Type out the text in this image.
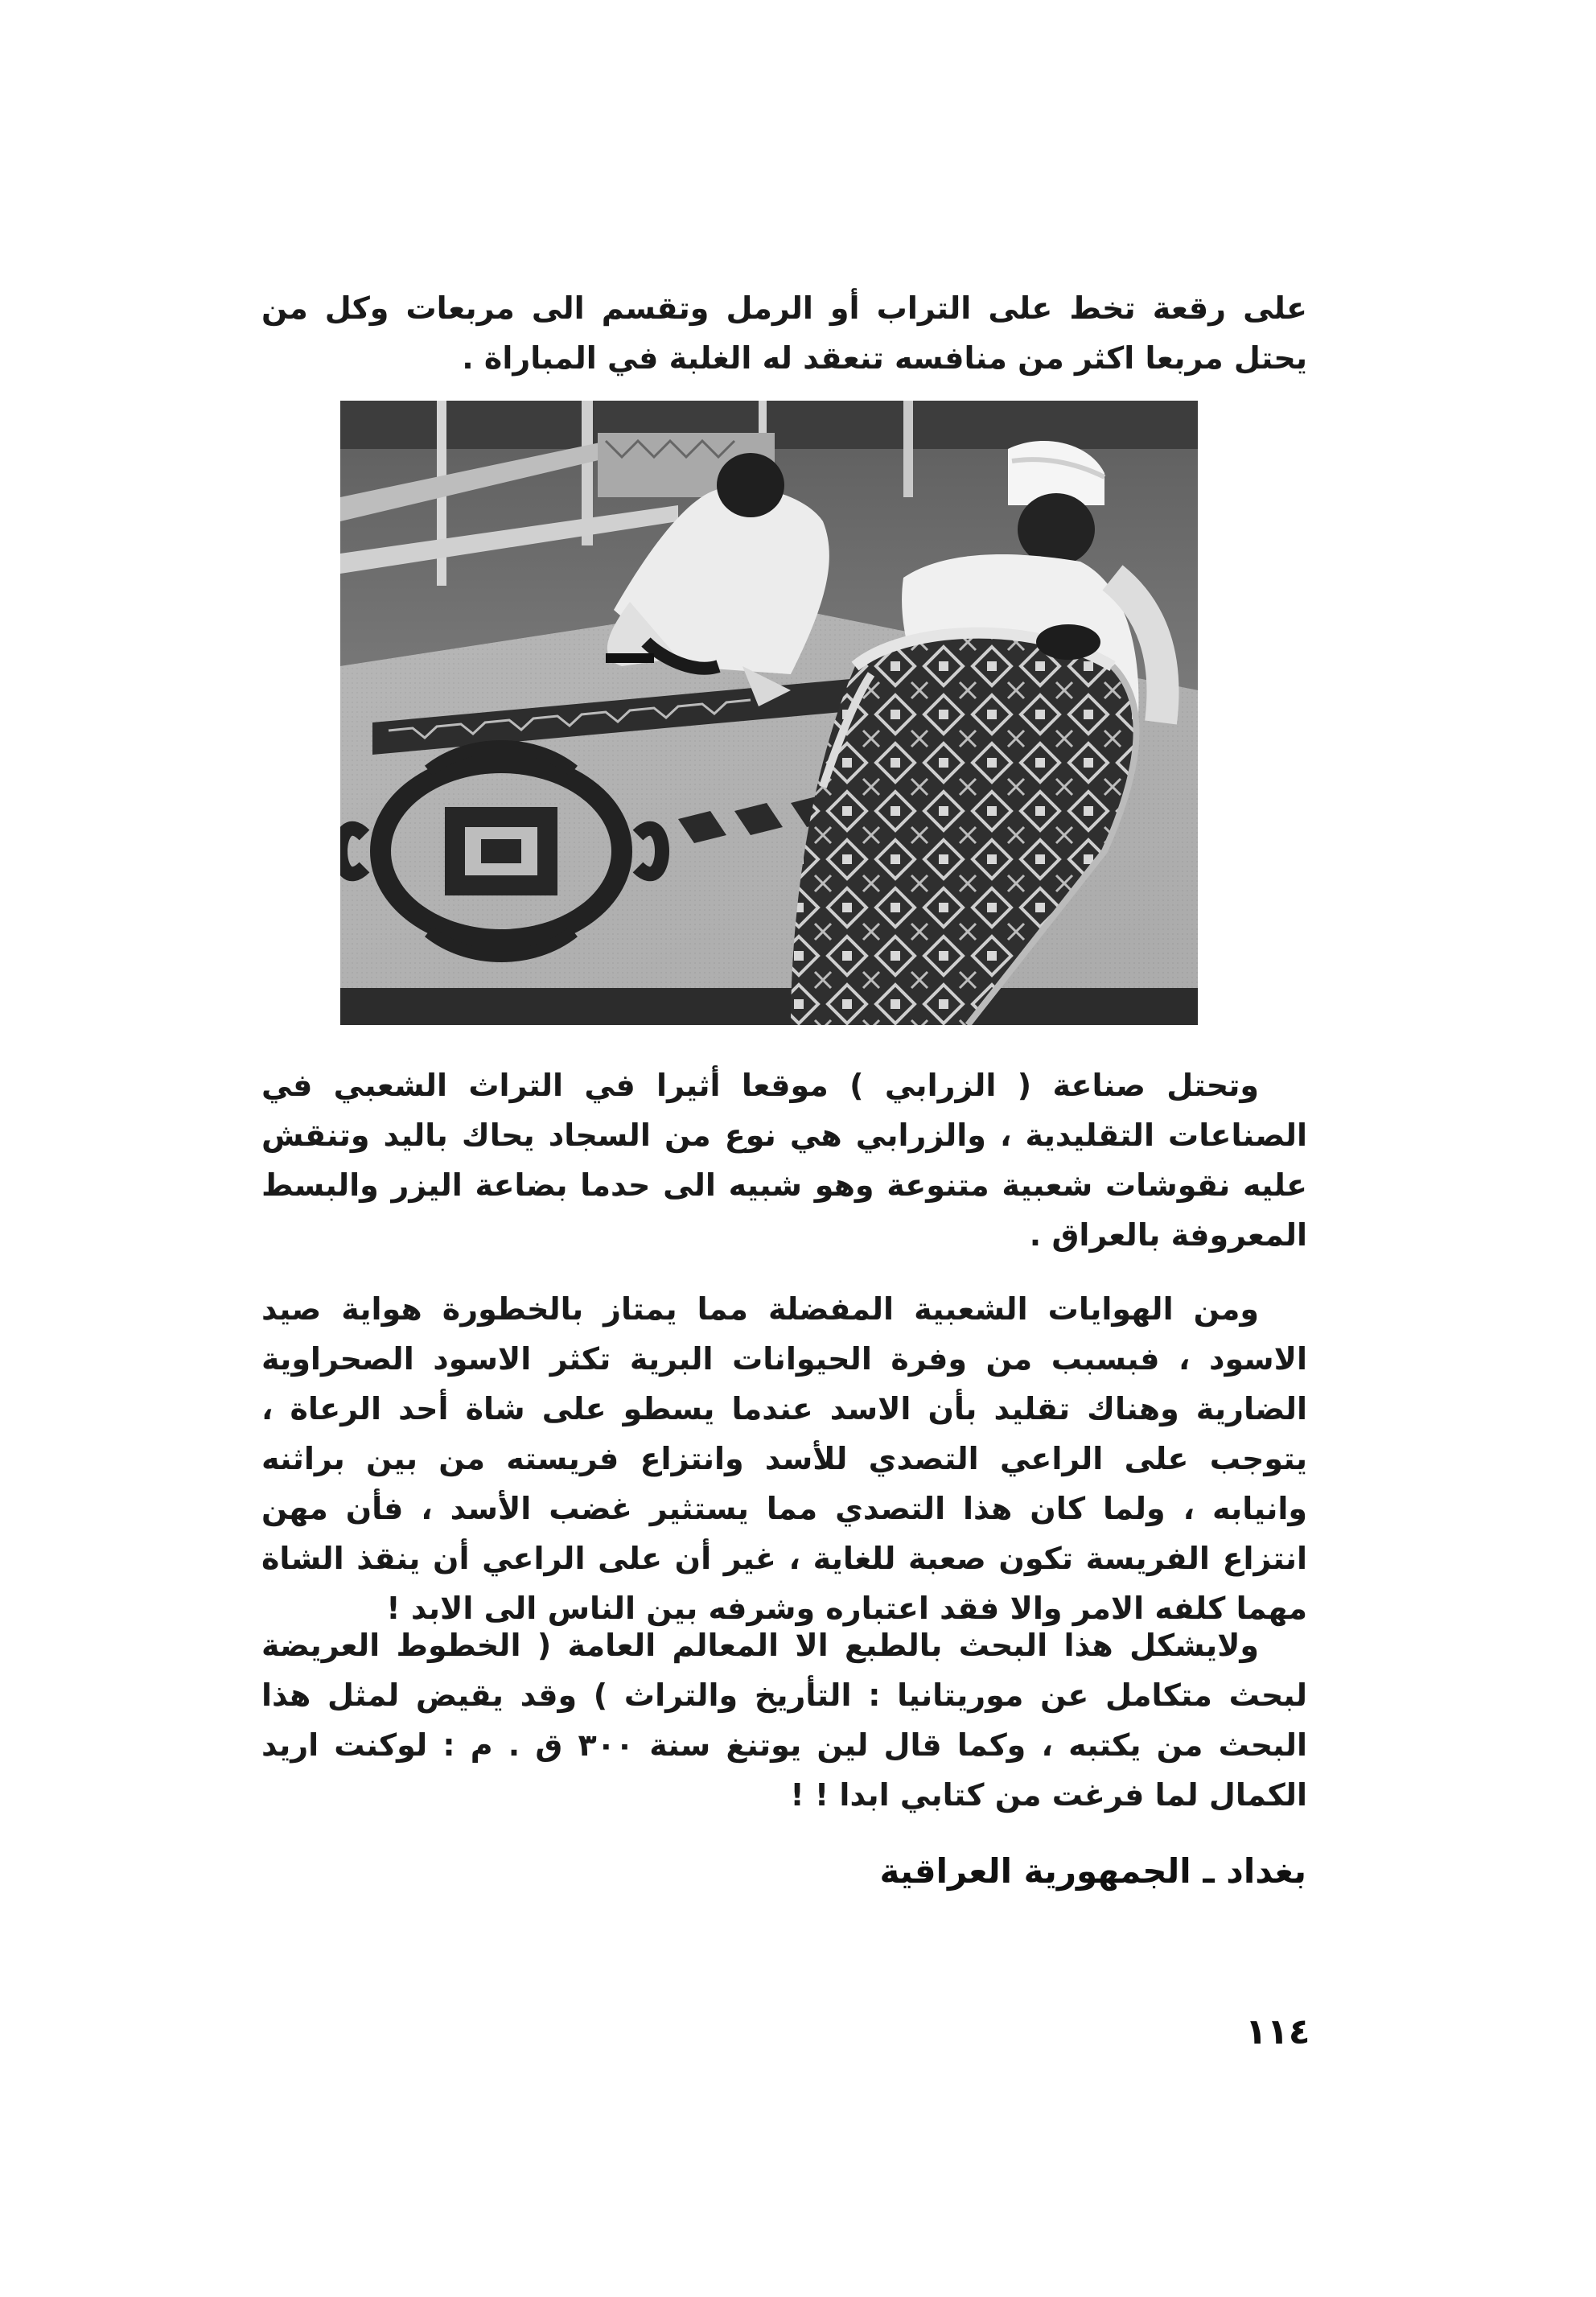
على رقعة تخط على التراب أو الرمل وتقسم الى مربعات وكل من يحتل مربعا اكثر من منافسه تنعقد له الغلبة في المباراة .

وتحتل صناعة ( الزرابي ) موقعا أثيرا في التراث الشعبي في الصناعات التقليدية ، والزرابي هي نوع من السجاد يحاك باليد وتنقش عليه نقوشات شعبية متنوعة وهو شبيه الى حدما بضاعة اليزر والبسط المعروفة بالعراق .

ومن الهوايات الشعبية المفضلة مما يمتاز بالخطورة هواية صيد الاسود ، فبسبب من وفرة الحيوانات البرية تكثر الاسود الصحراوية الضارية وهناك تقليد بأن الاسد عندما يسطو على شاة أحد الرعاة ، يتوجب على الراعي التصدي للأسد وانتزاع فريسته من بين براثنه وانيابه ، ولما كان هذا التصدي مما يستثير غضب الأسد ، فأن مهن انتزاع الفريسة تكون صعبة للغاية ، غير أن على الراعي أن ينقذ الشاة مهما كلفه الامر والا فقد اعتباره وشرفه بين الناس الى الابد !

ولايشكل هذا البحث بالطبع الا المعالم العامة ( الخطوط العريضة لبحث متكامل عن موريتانيا : التأريخ والتراث ) وقد يقيض لمثل هذا البحث من يكتبه ، وكما قال لين يوتنغ سنة ٣٠٠ ق . م : لوكنت اريد الكمال لما فرغت من كتابي ابدا ! !

بغداد ـ الجمهورية العراقية

١١٤
